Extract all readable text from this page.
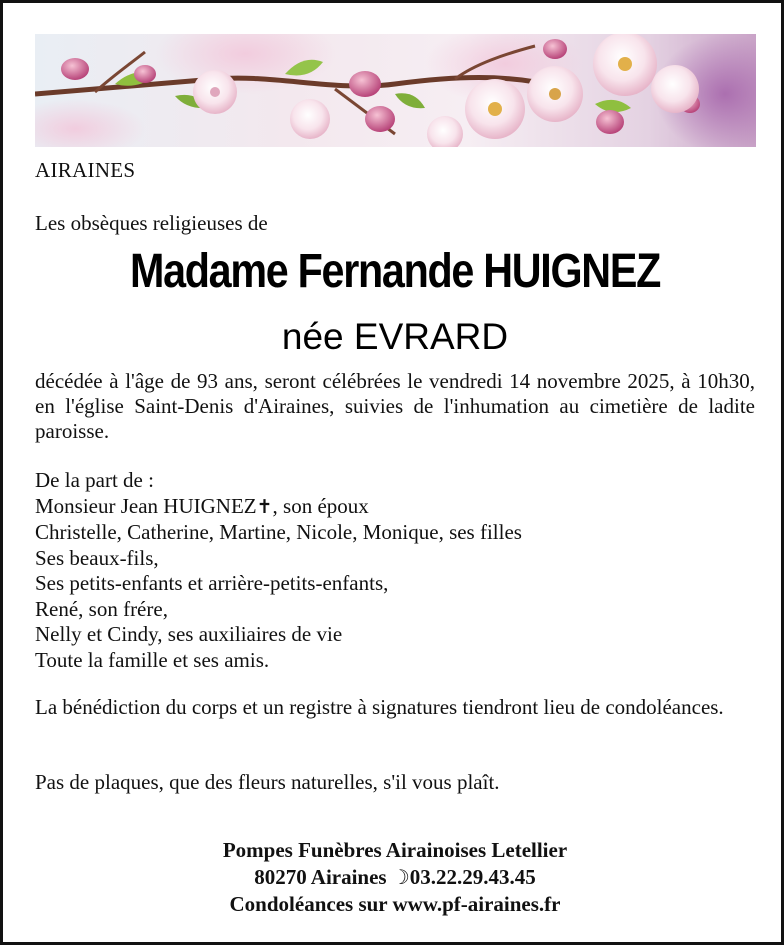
AIRAINES

Les obsèques religieuses de

Madame Fernande HUIGNEZ

née EVRARD

décédée à l'âge de 93 ans, seront célébrées le vendredi 14 novembre 2025, à 10h30, en l'église Saint-Denis d'Airaines, suivies de l'inhumation au cimetière de ladite paroisse.

De la part de :
Monsieur Jean HUIGNEZ✝, son époux
Christelle, Catherine, Martine, Nicole, Monique, ses filles
Ses beaux-fils,
Ses petits-enfants et arrière-petits-enfants,
René, son frére,
Nelly et Cindy, ses auxiliaires de vie
Toute la famille et ses amis.

La bénédiction du corps et un registre à signatures tiendront lieu de condoléances.

Pas de plaques, que des fleurs naturelles, s'il vous plaît.

Pompes Funèbres Airainoises Letellier
80270 Airaines ☽03.22.29.43.45
Condoléances sur www.pf-airaines.fr
